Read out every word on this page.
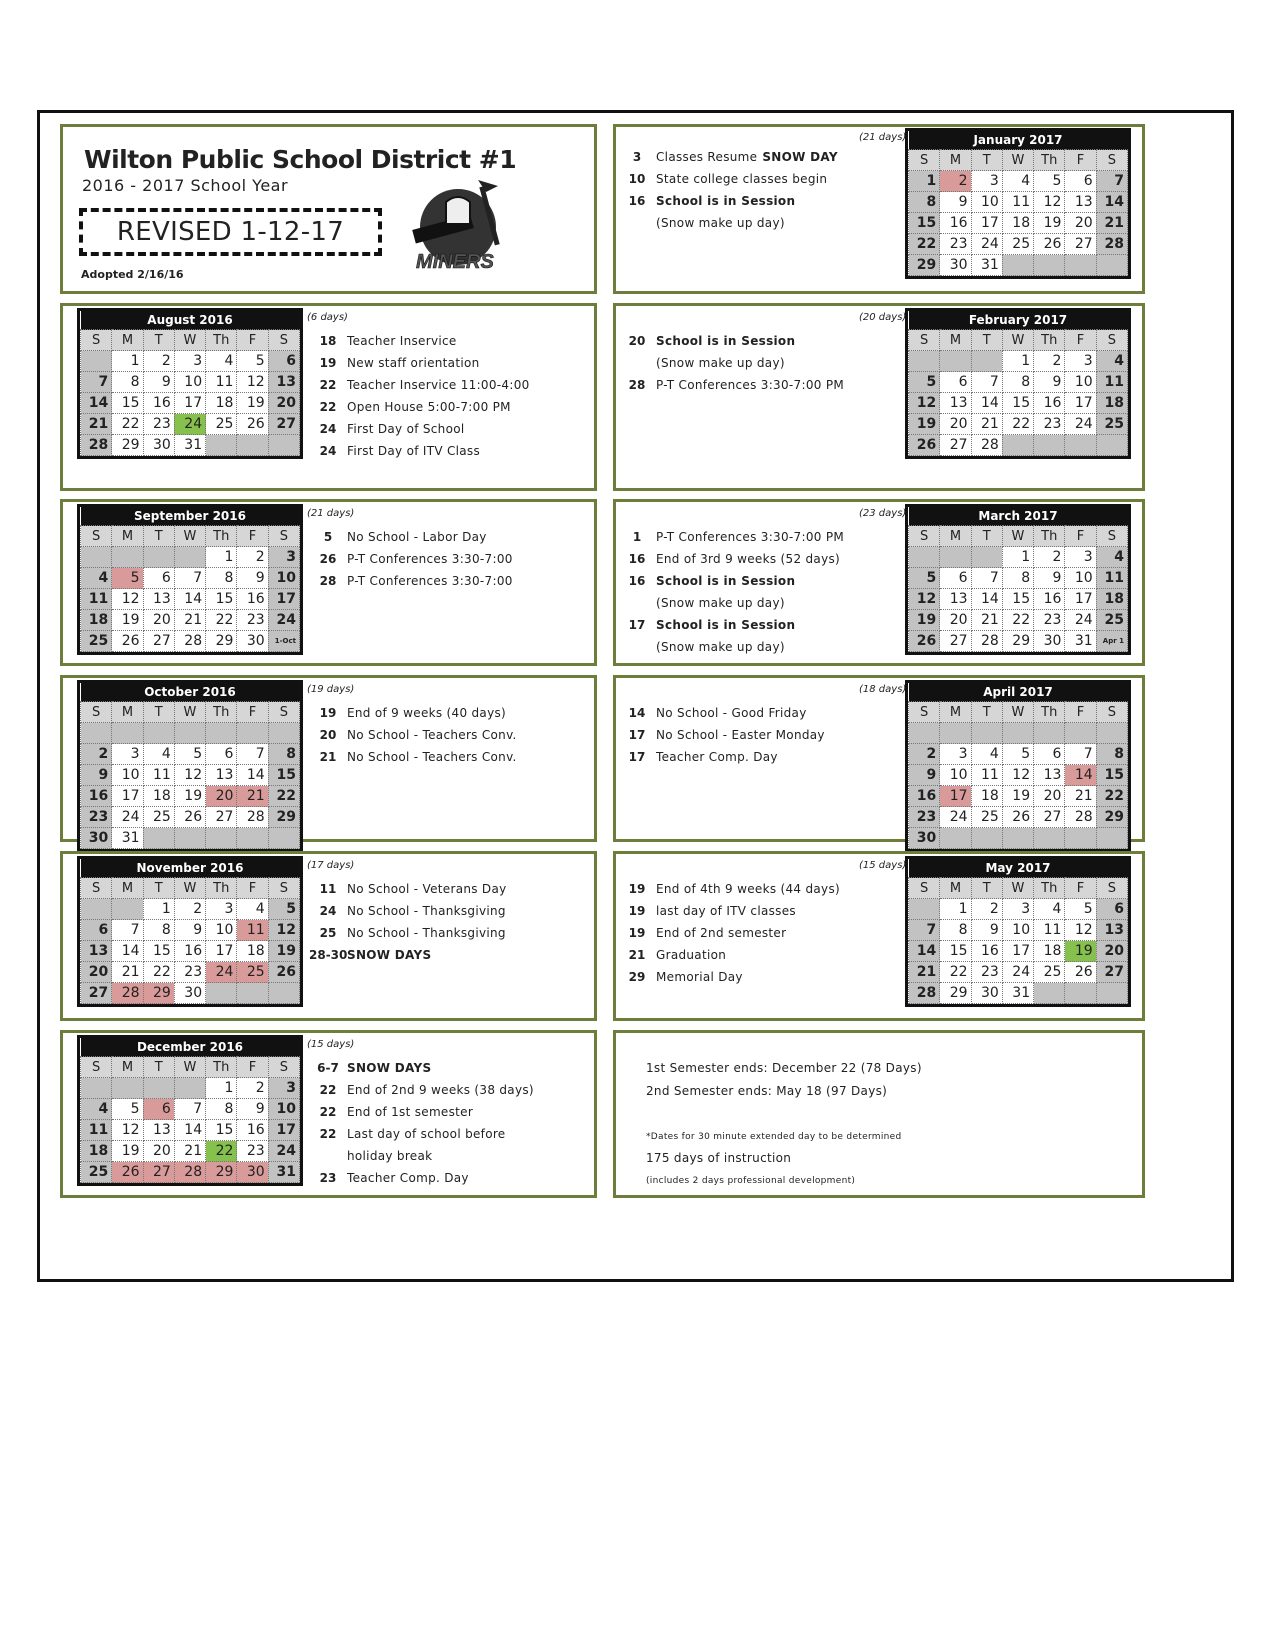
Wilton Public School District #1
2016 - 2017 School Year
REVISED 1-12-17
Adopted 2/16/16
MINERS
January 2017						
S	M	T	W	Th	F	S
1	2	3	4	5	6	7
8	9	10	11	12	13	14
15	16	17	18	19	20	21
22	23	24	25	26	27	28
29	30	31				
(21 days)
3 Classes Resume SNOW DAY
10 State college classes begin
16 School is in Session
(Snow make up day)
August 2016						
S	M	T	W	Th	F	S
	1	2	3	4	5	6
7	8	9	10	11	12	13
14	15	16	17	18	19	20
21	22	23	24	25	26	27
28	29	30	31			
(6 days)
18 Teacher Inservice
19 New staff orientation
22 Teacher Inservice 11:00-4:00
22 Open House 5:00-7:00 PM
24 First Day of School
24 First Day of ITV Class
February 2017						
S	M	T	W	Th	F	S
			1	2	3	4
5	6	7	8	9	10	11
12	13	14	15	16	17	18
19	20	21	22	23	24	25
26	27	28				
(20 days)
20 School is in Session
(Snow make up day)
28 P-T Conferences 3:30-7:00 PM
September 2016						
S	M	T	W	Th	F	S
				1	2	3
4	5	6	7	8	9	10
11	12	13	14	15	16	17
18	19	20	21	22	23	24
25	26	27	28	29	30	1-Oct
(21 days)
5 No School - Labor Day
26 P-T Conferences 3:30-7:00
28 P-T Conferences 3:30-7:00
March 2017						
S	M	T	W	Th	F	S
			1	2	3	4
5	6	7	8	9	10	11
12	13	14	15	16	17	18
19	20	21	22	23	24	25
26	27	28	29	30	31	Apr 1
(23 days)
1 P-T Conferences 3:30-7:00 PM
16 End of 3rd 9 weeks (52 days)
16 School is in Session
(Snow make up day)
17 School is in Session
(Snow make up day)
October 2016						
S	M	T	W	Th	F	S

2	3	4	5	6	7	8
9	10	11	12	13	14	15
16	17	18	19	20	21	22
23	24	25	26	27	28	29
30	31					
(19 days)
19 End of 9 weeks (40 days)
20 No School - Teachers Conv.
21 No School - Teachers Conv.
April 2017						
S	M	T	W	Th	F	S

2	3	4	5	6	7	8
9	10	11	12	13	14	15
16	17	18	19	20	21	22
23	24	25	26	27	28	29
30						
(18 days)
14 No School - Good Friday
17 No School - Easter Monday
17 Teacher Comp. Day
November 2016						
S	M	T	W	Th	F	S
		1	2	3	4	5
6	7	8	9	10	11	12
13	14	15	16	17	18	19
20	21	22	23	24	25	26
27	28	29	30			
(17 days)
11 No School - Veterans Day
24 No School - Thanksgiving
25 No School - Thanksgiving
28-30SNOW DAYS
May 2017						
S	M	T	W	Th	F	S
	1	2	3	4	5	6
7	8	9	10	11	12	13
14	15	16	17	18	19	20
21	22	23	24	25	26	27
28	29	30	31			
(15 days)
19 End of 4th 9 weeks (44 days)
19 last day of ITV classes
19 End of 2nd semester
21 Graduation
29 Memorial Day
December 2016						
S	M	T	W	Th	F	S
				1	2	3
4	5	6	7	8	9	10
11	12	13	14	15	16	17
18	19	20	21	22	23	24
25	26	27	28	29	30	31
(15 days)
6-7 SNOW DAYS
22 End of 2nd 9 weeks (38 days)
22 End of 1st semester
22 Last day of school before
holiday break
23 Teacher Comp. Day
1st Semester ends: December 22 (78 Days)
2nd Semester ends: May 18 (97 Days)
*Dates for 30 minute extended day to be determined
175 days of instruction
(includes 2 days professional development)
